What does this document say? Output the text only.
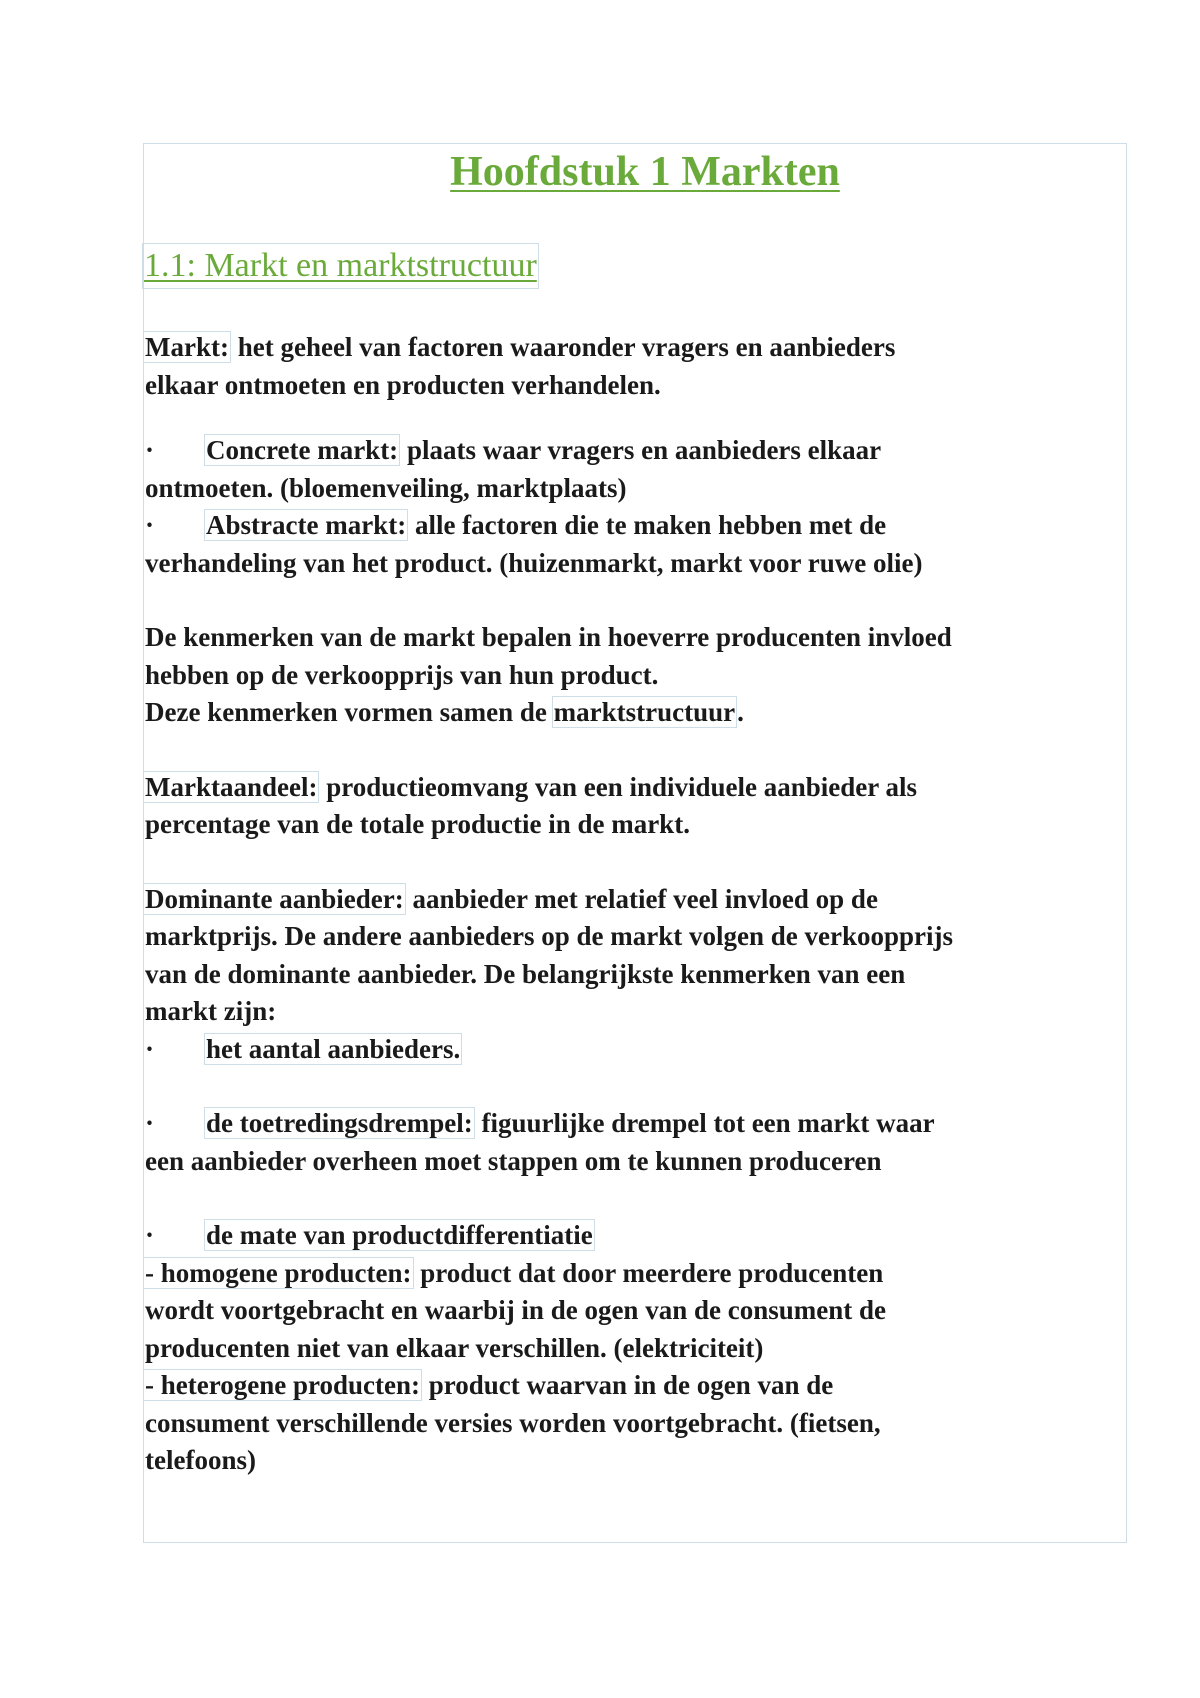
Hoofdstuk 1 Markten
1.1: Markt en marktstructuur

Markt: het geheel van factoren waaronder vragers en aanbieders
elkaar ontmoeten en producten verhandelen.

· Concrete markt: plaats waar vragers en aanbieders elkaar
ontmoeten. (bloemenveiling, marktplaats)

· Abstracte markt: alle factoren die te maken hebben met de
verhandeling van het product. (huizenmarkt, markt voor ruwe olie)

De kenmerken van de markt bepalen in hoeverre producenten invloed
hebben op de verkoopprijs van hun product.
Deze kenmerken vormen samen de marktstructuur.

Marktaandeel: productieomvang van een individuele aanbieder als
percentage van de totale productie in de markt.

Dominante aanbieder: aanbieder met relatief veel invloed op de
marktprijs. De andere aanbieders op de markt volgen de verkoopprijs
van de dominante aanbieder. De belangrijkste kenmerken van een
markt zijn:

· het aantal aanbieders.

· de toetredingsdrempel: figuurlijke drempel tot een markt waar
een aanbieder overheen moet stappen om te kunnen produceren

· de mate van productdifferentiatie

- homogene producten: product dat door meerdere producenten
wordt voortgebracht en waarbij in de ogen van de consument de
producenten niet van elkaar verschillen. (elektriciteit)

- heterogene producten: product waarvan in de ogen van de
consument verschillende versies worden voortgebracht. (fietsen,
telefoons)
